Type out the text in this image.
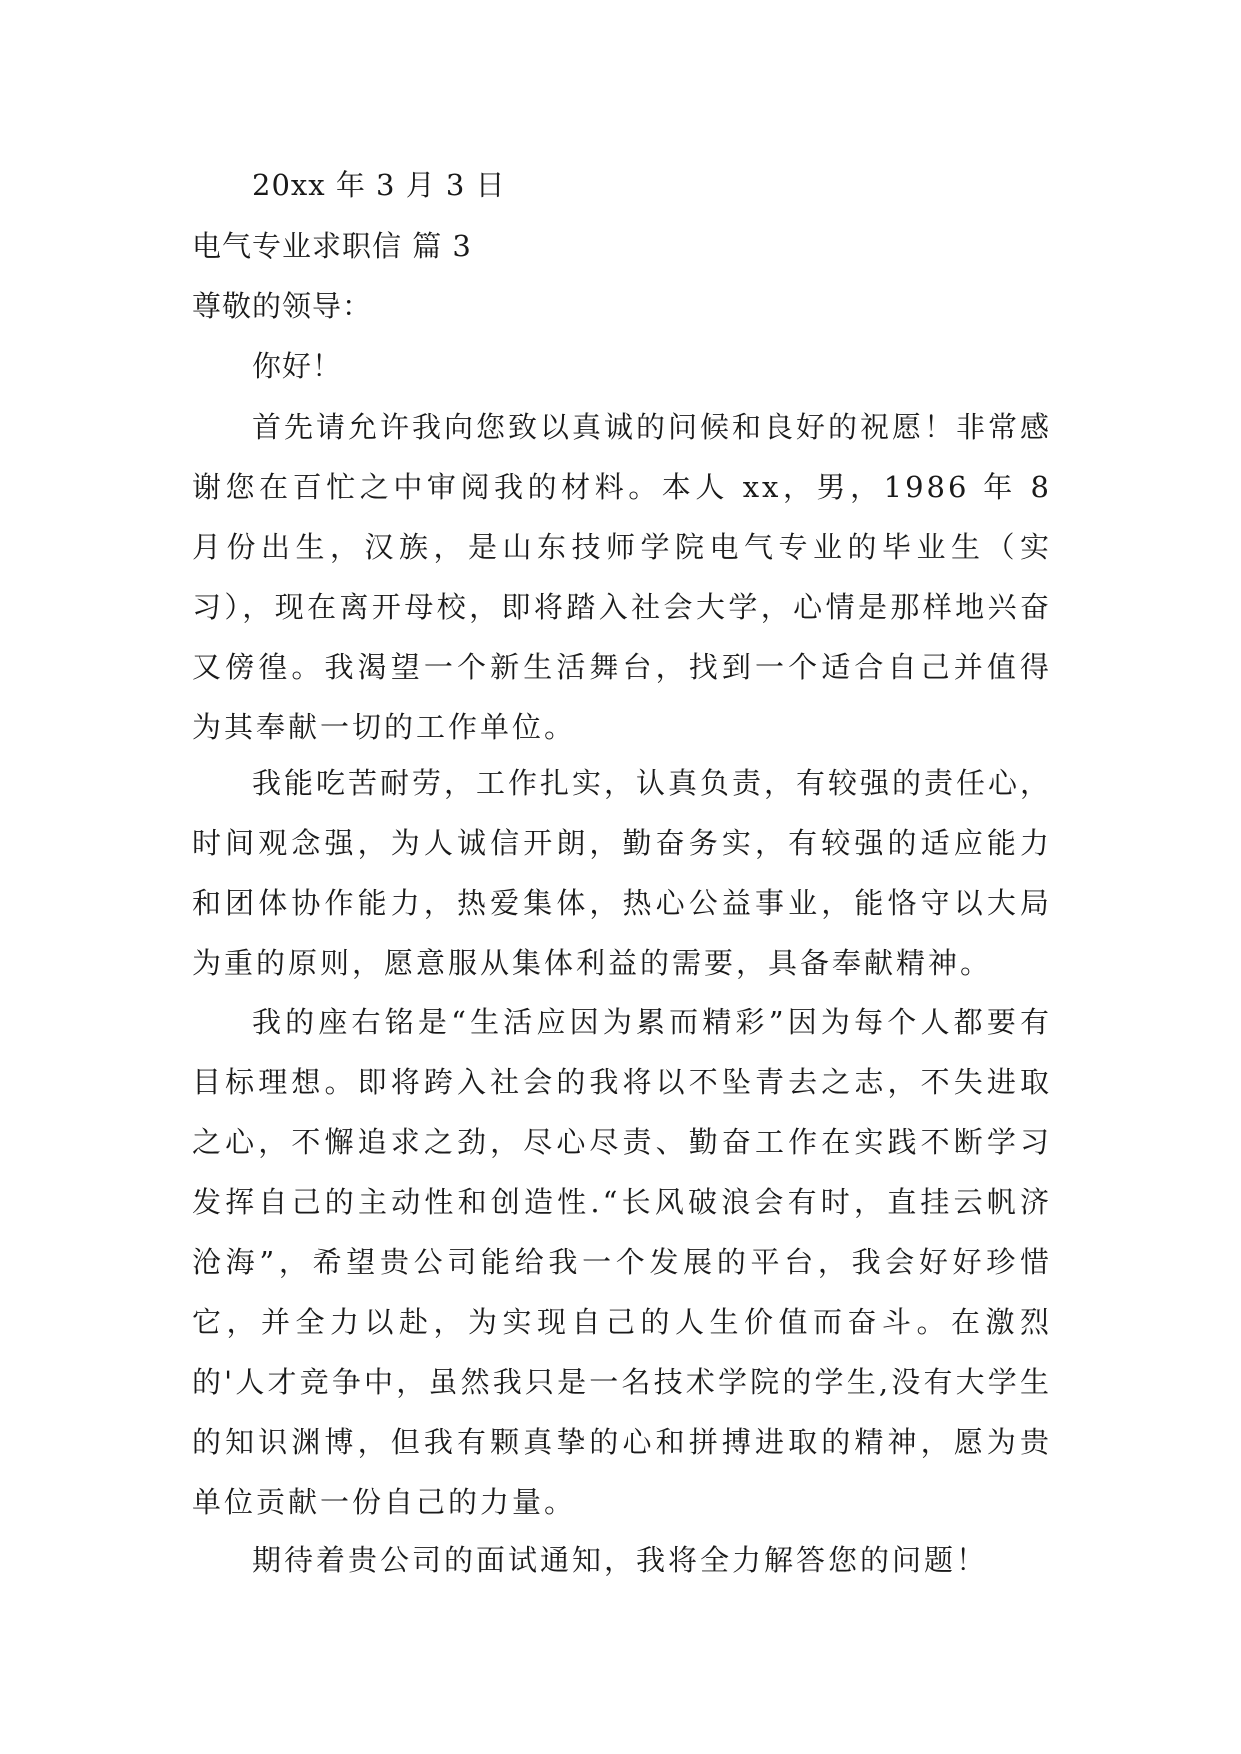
20xx 年 3 月 3 日
电气专业求职信 篇 3
尊敬的领导：
你好！
首先请允许我向您致以真诚的问候和良好的祝愿！非常感谢您在百忙之中审阅我的材料。本人 xx，男，1986 年 8 月份出生，汉族，是山东技师学院电气专业的毕业生（实习），现在离开母校，即将踏入社会大学，心情是那样地兴奋又傍徨。我渴望一个新生活舞台，找到一个适合自己并值得为其奉献一切的工作单位。
我能吃苦耐劳，工作扎实，认真负责，有较强的责任心，时间观念强，为人诚信开朗，勤奋务实，有较强的适应能力和团体协作能力，热爱集体，热心公益事业，能恪守以大局为重的原则，愿意服从集体利益的需要，具备奉献精神。
我的座右铭是“生活应因为累而精彩”因为每个人都要有目标理想。即将跨入社会的我将以不坠青去之志，不失进取之心，不懈追求之劲，尽心尽责、勤奋工作在实践不断学习发挥自己的主动性和创造性.“长风破浪会有时，直挂云帆济沧海”，希望贵公司能给我一个发展的平台，我会好好珍惜它，并全力以赴，为实现自己的人生价值而奋斗。在激烈的'人才竞争中，虽然我只是一名技术学院的学生,没有大学生的知识渊博，但我有颗真挚的心和拼搏进取的精神，愿为贵单位贡献一份自己的力量。
期待着贵公司的面试通知，我将全力解答您的问题！
